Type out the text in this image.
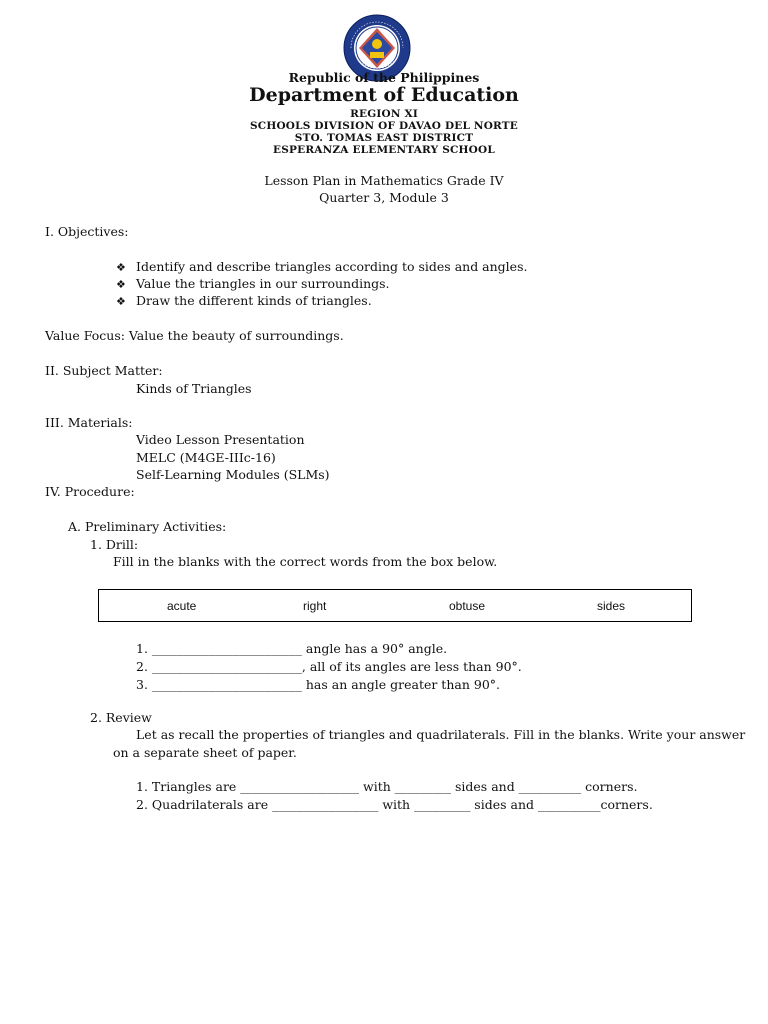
Republic of the Philippines
Department of Education
REGION XI
SCHOOLS DIVISION OF DAVAO DEL NORTE
STO. TOMAS EAST DISTRICT
ESPERANZA ELEMENTARY SCHOOL
Lesson Plan in Mathematics Grade IV
Quarter 3, Module 3
I. Objectives:
❖ Identify and describe triangles according to sides and angles.
❖ Value the triangles in our surroundings.
❖ Draw the different kinds of triangles.
Value Focus: Value the beauty of surroundings.
II. Subject Matter:
Kinds of Triangles
III. Materials:
Video Lesson Presentation
MELC (M4GE-IIIc-16)
Self-Learning Modules (SLMs)
IV. Procedure:
A. Preliminary Activities:
1. Drill:
Fill in the blanks with the correct words from the box below.
acute	right	obtuse	sides
1. ________________________ angle has a 90° angle.
2. ________________________, all of its angles are less than 90°.
3. ________________________ has an angle greater than 90°.
2. Review
Let as recall the properties of triangles and quadrilaterals. Fill in the blanks. Write your answer
on a separate sheet of paper.
1. Triangles are ___________________ with _________ sides and __________ corners.
2. Quadrilaterals are _________________ with _________ sides and __________corners.
